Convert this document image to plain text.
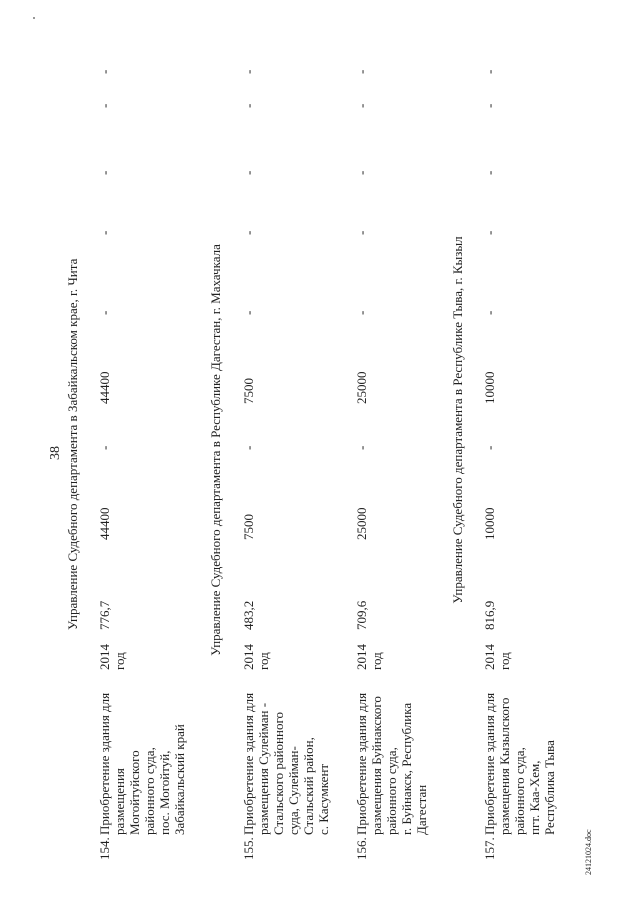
38 Управление Судебного департамента в Забайкальском крае, г. Чита
154.
Приобретение здания для размещения
Могойтуйского
районного суда,
пос. Могойтуй,
Забайкальский край
2014
год
776,7
44400
-
44400
-
-
-
-
-
Управление Судебного департамента в Республике Дагестан, г. Махачкала
155.
Приобретение здания для
размещения Сулейман -
Стальского районного
суда, Сулейман-
Стальский район,
с. Касумкент
2014
год
483,2
7500
-
7500
-
-
-
-
-
156.
Приобретение здания для
размещения Буйнакского
районного суда,
г. Буйнакск, Республика
Дагестан
2014
год
709,6
25000
-
25000
-
-
-
-
-
Управление Судебного департамента в Республике Тыва, г. Кызыл
157.
Приобретение здания для
размещения Кызылского
районного суда,
пгт. Каа-Хем,
Республика Тыва
2014
год
816,9
10000
-
10000
-
-
-
-
-
24121024.doc
